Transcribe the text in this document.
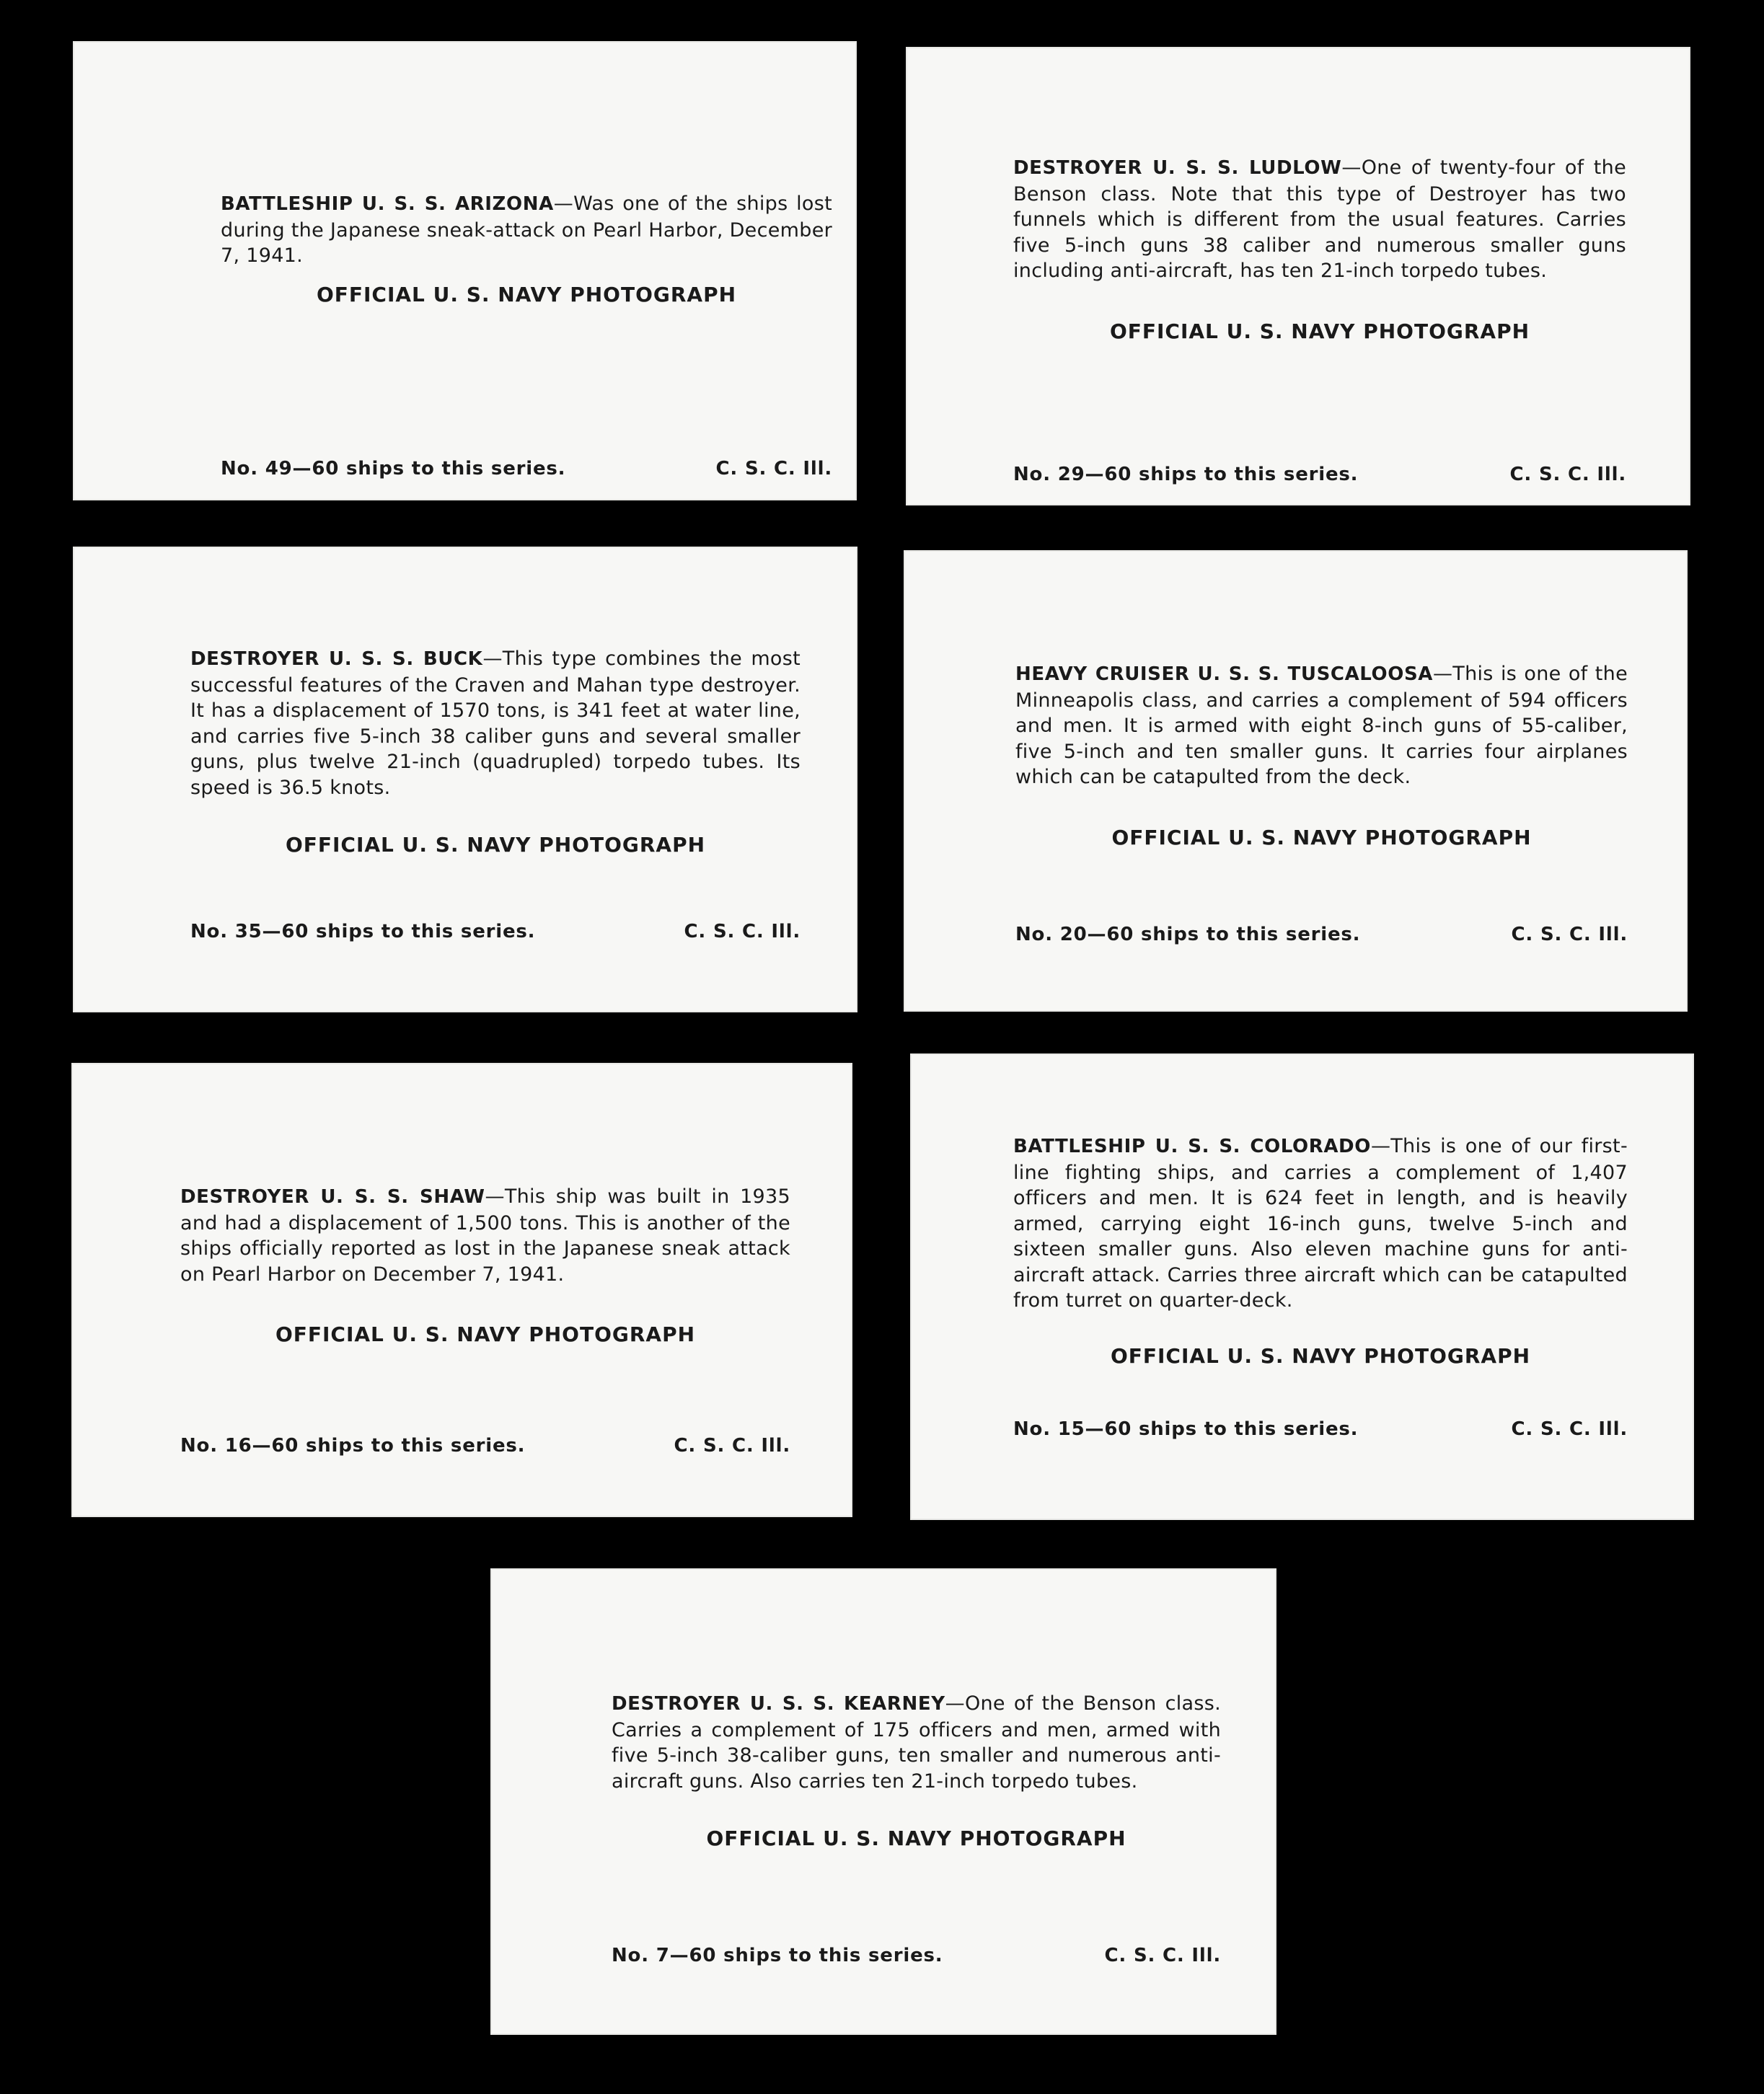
BATTLESHIP U. S. S. ARIZONA—Was one of the ships lost during the Japanese sneak-attack on Pearl Harbor, December 7, 1941.
OFFICIAL U. S. NAVY PHOTOGRAPH
No. 49—60 ships to this series.	C. S. C. Ill.
DESTROYER U. S. S. LUDLOW—One of twenty-four of the Benson class. Note that this type of Destroyer has two funnels which is different from the usual features. Carries five 5-inch guns 38 caliber and numerous smaller guns including anti-aircraft, has ten 21-inch torpedo tubes.
OFFICIAL U. S. NAVY PHOTOGRAPH
No. 29—60 ships to this series.	C. S. C. Ill.
DESTROYER U. S. S. BUCK—This type combines the most successful features of the Craven and Mahan type destroyer. It has a displacement of 1570 tons, is 341 feet at water line, and carries five 5-inch 38 caliber guns and several smaller guns, plus twelve 21-inch (quadrupled) torpedo tubes. Its speed is 36.5 knots.
OFFICIAL U. S. NAVY PHOTOGRAPH
No. 35—60 ships to this series.	C. S. C. Ill.
HEAVY CRUISER U. S. S. TUSCALOOSA—This is one of the Minneapolis class, and carries a complement of 594 officers and men. It is armed with eight 8-inch guns of 55-caliber, five 5-inch and ten smaller guns. It carries four airplanes which can be catapulted from the deck.
OFFICIAL U. S. NAVY PHOTOGRAPH
No. 20—60 ships to this series.	C. S. C. Ill.
DESTROYER U. S. S. SHAW—This ship was built in 1935 and had a displacement of 1,500 tons. This is another of the ships officially reported as lost in the Japanese sneak attack on Pearl Harbor on December 7, 1941.
OFFICIAL U. S. NAVY PHOTOGRAPH
No. 16—60 ships to this series.	C. S. C. Ill.
BATTLESHIP U. S. S. COLORADO—This is one of our first-line fighting ships, and carries a complement of 1,407 officers and men. It is 624 feet in length, and is heavily armed, carrying eight 16-inch guns, twelve 5-inch and sixteen smaller guns. Also eleven machine guns for anti-aircraft attack. Carries three aircraft which can be catapulted from turret on quarter-deck.
OFFICIAL U. S. NAVY PHOTOGRAPH
No. 15—60 ships to this series.	C. S. C. Ill.
DESTROYER U. S. S. KEARNEY—One of the Benson class. Carries a complement of 175 officers and men, armed with five 5-inch 38-caliber guns, ten smaller and numerous anti-aircraft guns. Also carries ten 21-inch torpedo tubes.
OFFICIAL U. S. NAVY PHOTOGRAPH
No. 7—60 ships to this series.	C. S. C. Ill.
